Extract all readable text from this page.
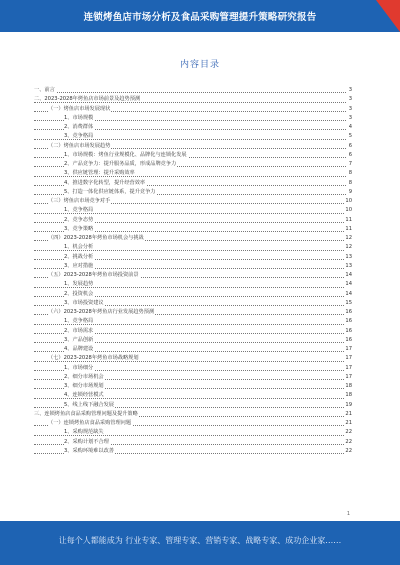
连锁烤鱼店市场分析及食品采购管理提升策略研究报告
内容目录
一、前言	3
二、2023-2028年烤鱼店市场前景及趋势预测	3
（一）烤鱼店市场发展现状	3
1、市场规模	3
2、消费群体	4
3、竞争格局	5
（二）烤鱼店市场发展趋势	6
1、市场规模：烤鱼行业规模化、品牌化与连锁化发展	6
2、产品竞争力：提升服务品质，形成品牌竞争力	7
3、供应链管理：提升采购效率	8
4、推进数字化转型，提升经营效率	8
5、打造一体化供应链体系，提升竞争力	9
（三）烤鱼店市场竞争对手	10
1、竞争格局	10
2、竞争态势	11
3、竞争策略	11
（四）2023-2028年烤鱼市场机会与挑战	12
1、机会分析	12
2、挑战分析	13
3、应对措施	13
（五）2023-2028年烤鱼市场投资前景	14
1、发展趋势	14
2、投资机会	14
3、市场投资建议	15
（六）2023-2028年烤鱼店行业发展趋势预测	16
1、竞争格局	16
2、市场需求	16
3、产品创新	16
4、品牌建设	17
（七）2023-2028年烤鱼市场战略规划	17
1、市场细分	17
2、细分市场机会	17
3、细分市场规划	18
4、连锁经营模式	18
5、线上线下融合发展	19
三、连锁烤鱼店食品采购管理问题及提升策略	21
（一）连锁烤鱼店食品采购管理问题	21
1、采购规范缺失	22
2、采购计划不合理	22
3、采购环境难以改善	22
1
让每个人都能成为 行业专家、管理专家、营销专家、战略专家、成功企业家……
